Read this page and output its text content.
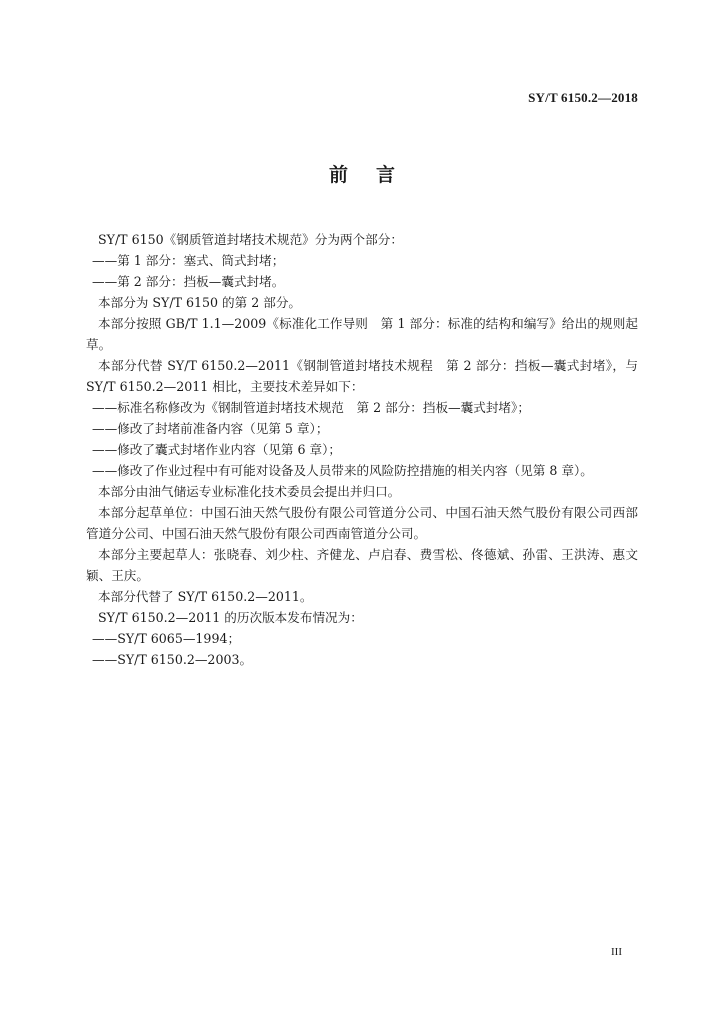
SY/T 6150.2—2018
前言

SY/T 6150《钢质管道封堵技术规范》分为两个部分：

——第 1 部分：塞式、筒式封堵；

——第 2 部分：挡板—囊式封堵。

本部分为 SY/T 6150 的第 2 部分。

本部分按照 GB/T 1.1—2009《标准化工作导则　第 1 部分：标准的结构和编写》给出的规则起草。

本部分代替 SY/T 6150.2—2011《钢制管道封堵技术规程　第 2 部分：挡板—囊式封堵》，与 SY/T 6150.2—2011 相比，主要技术差异如下：

——标准名称修改为《钢制管道封堵技术规范　第 2 部分：挡板—囊式封堵》；

——修改了封堵前准备内容（见第 5 章）；

——修改了囊式封堵作业内容（见第 6 章）；

——修改了作业过程中有可能对设备及人员带来的风险防控措施的相关内容（见第 8 章）。

本部分由油气储运专业标准化技术委员会提出并归口。

本部分起草单位：中国石油天然气股份有限公司管道分公司、中国石油天然气股份有限公司西部管道分公司、中国石油天然气股份有限公司西南管道分公司。

本部分主要起草人：张晓春、刘少柱、齐健龙、卢启春、费雪松、佟德斌、孙雷、王洪涛、惠文颖、王庆。

本部分代替了 SY/T 6150.2—2011。

SY/T 6150.2—2011 的历次版本发布情况为：

——SY/T 6065—1994；

——SY/T 6150.2—2003。

III
